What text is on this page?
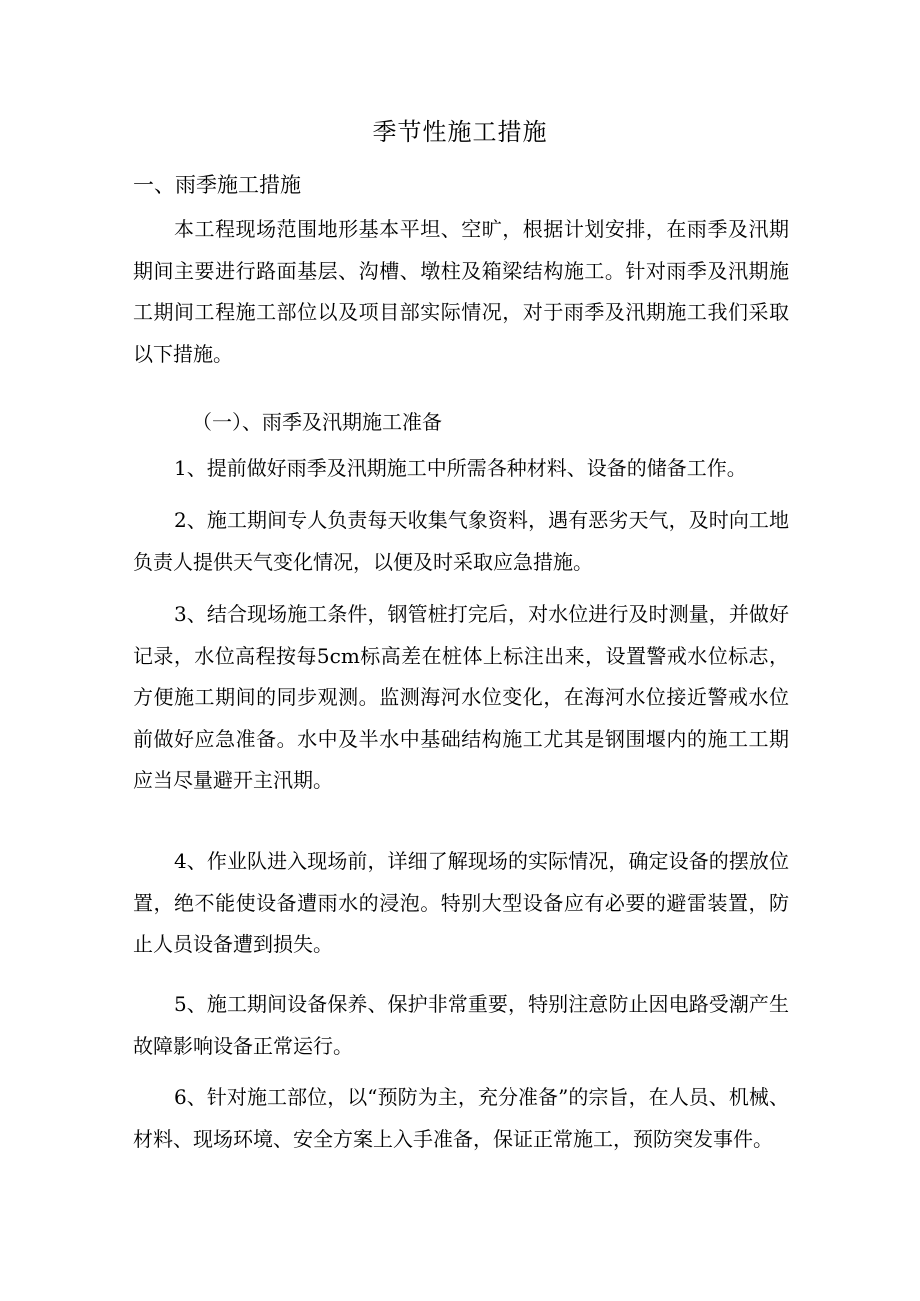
季节性施工措施
一、雨季施工措施
本工程现场范围地形基本平坦、空旷，根据计划安排，在雨季及汛期期间主要进行路面基层、沟槽、墩柱及箱梁结构施工。针对雨季及汛期施工期间工程施工部位以及项目部实际情况，对于雨季及汛期施工我们采取以下措施。
（一）、雨季及汛期施工准备
1、提前做好雨季及汛期施工中所需各种材料、设备的储备工作。
2、施工期间专人负责每天收集气象资料，遇有恶劣天气，及时向工地负责人提供天气变化情况，以便及时采取应急措施。
3、结合现场施工条件，钢管桩打完后，对水位进行及时测量，并做好记录，水位高程按每5cm标高差在桩体上标注出来，设置警戒水位标志，方便施工期间的同步观测。监测海河水位变化，在海河水位接近警戒水位前做好应急准备。水中及半水中基础结构施工尤其是钢围堰内的施工工期应当尽量避开主汛期。
4、作业队进入现场前，详细了解现场的实际情况，确定设备的摆放位置，绝不能使设备遭雨水的浸泡。特别大型设备应有必要的避雷装置，防止人员设备遭到损失。
5、施工期间设备保养、保护非常重要，特别注意防止因电路受潮产生故障影响设备正常运行。
6、针对施工部位，以“预防为主，充分准备”的宗旨，在人员、机械、材料、现场环境、安全方案上入手准备，保证正常施工，预防突发事件。
